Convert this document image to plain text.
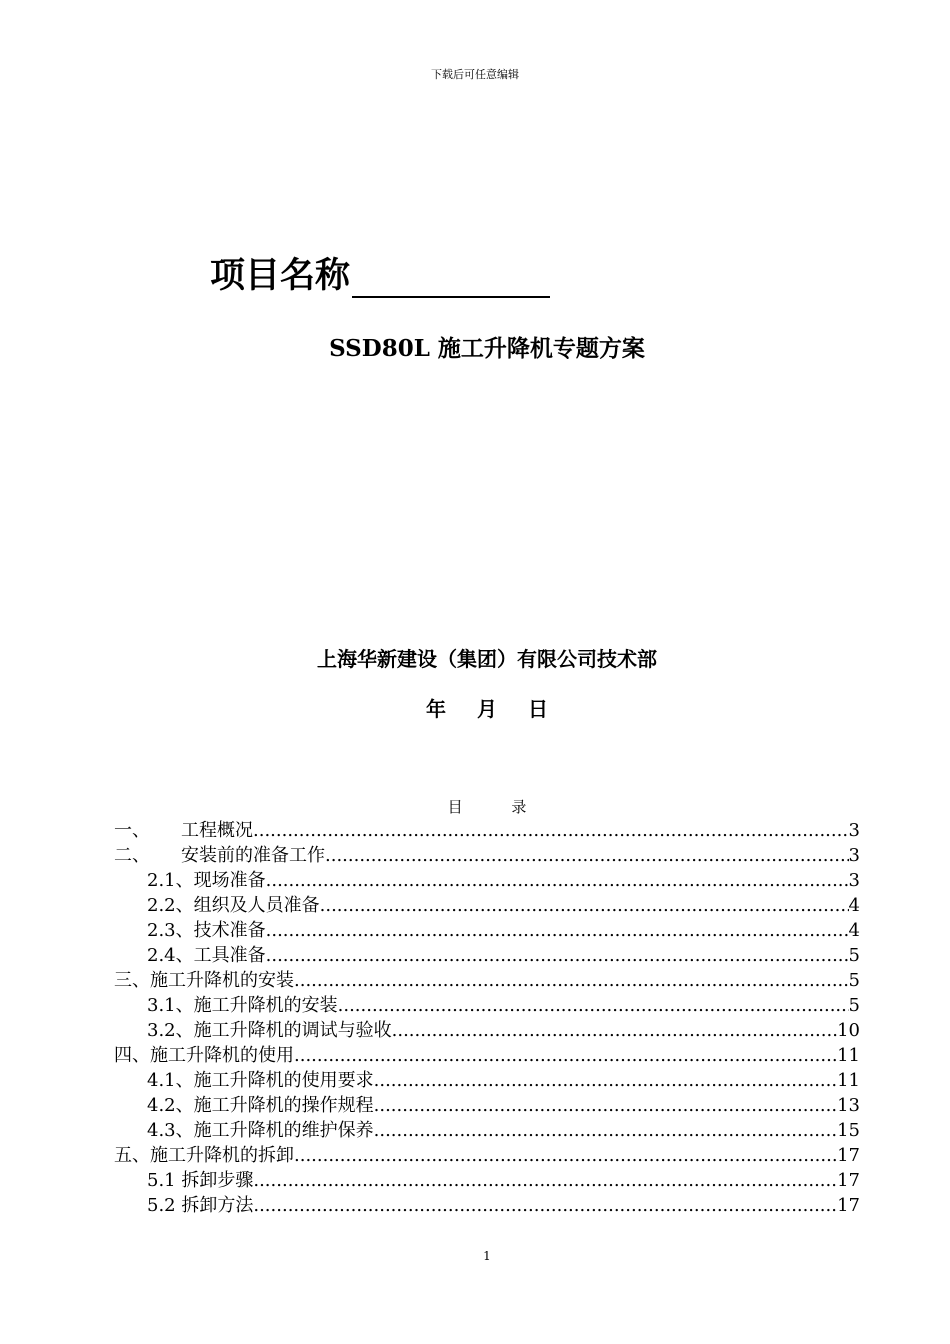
下载后可任意编辑
项目名称
SSD80L 施工升降机专题方案
上海华新建设（集团）有限公司技术部
年 月 日
目	录
一、 工程概况 .....	3
二、 安装前的准备工作 .....	3
2.1、现场准备 .....	3
2.2、组织及人员准备 .....	4
2.3、技术准备 .....	4
2.4、工具准备 .....	5
三、施工升降机的安装 .....	5
3.1、施工升降机的安装 .....	5
3.2、施工升降机的调试与验收 .....	10
四、施工升降机的使用 .....	11
4.1、施工升降机的使用要求 .....	11
4.2、施工升降机的操作规程 .....	13
4.3、施工升降机的维护保养 .....	15
五、施工升降机的拆卸 .....	17
5.1 拆卸步骤 .....	17
5.2 拆卸方法 .....	17
1
